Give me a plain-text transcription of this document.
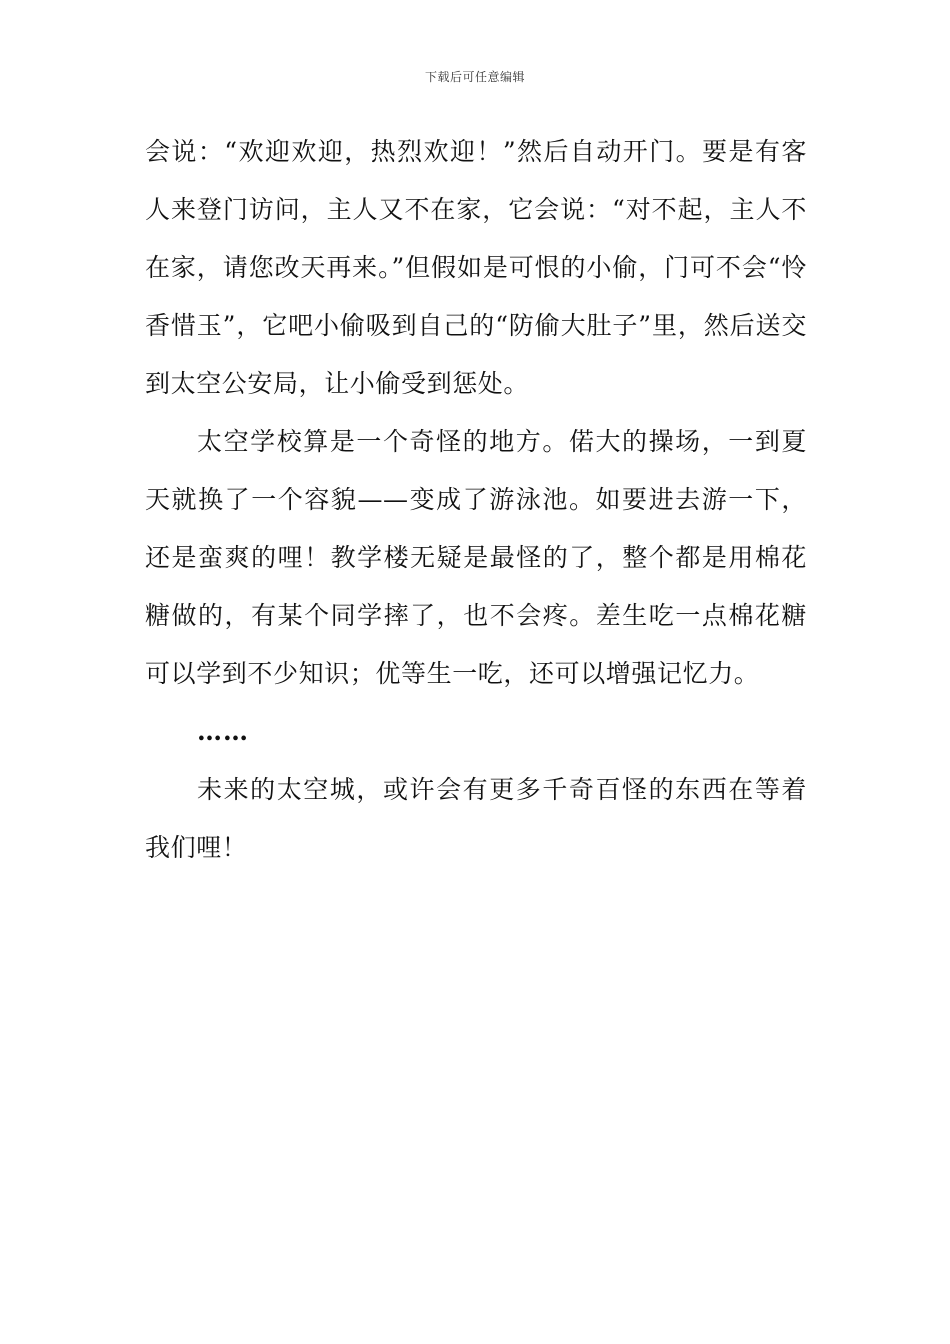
下载后可任意编辑

会说：“欢迎欢迎，热烈欢迎！”然后自动开门。要是有客人来登门访问，主人又不在家，它会说：“对不起，主人不在家，请您改天再来。”但假如是可恨的小偷，门可不会“怜香惜玉”，它吧小偷吸到自己的“防偷大肚子”里，然后送交到太空公安局，让小偷受到惩处。

太空学校算是一个奇怪的地方。偌大的操场，一到夏天就换了一个容貌——变成了游泳池。如要进去游一下，还是蛮爽的哩！教学楼无疑是最怪的了，整个都是用棉花糖做的，有某个同学摔了，也不会疼。差生吃一点棉花糖可以学到不少知识；优等生一吃，还可以增强记忆力。

……

未来的太空城，或许会有更多千奇百怪的东西在等着我们哩！
